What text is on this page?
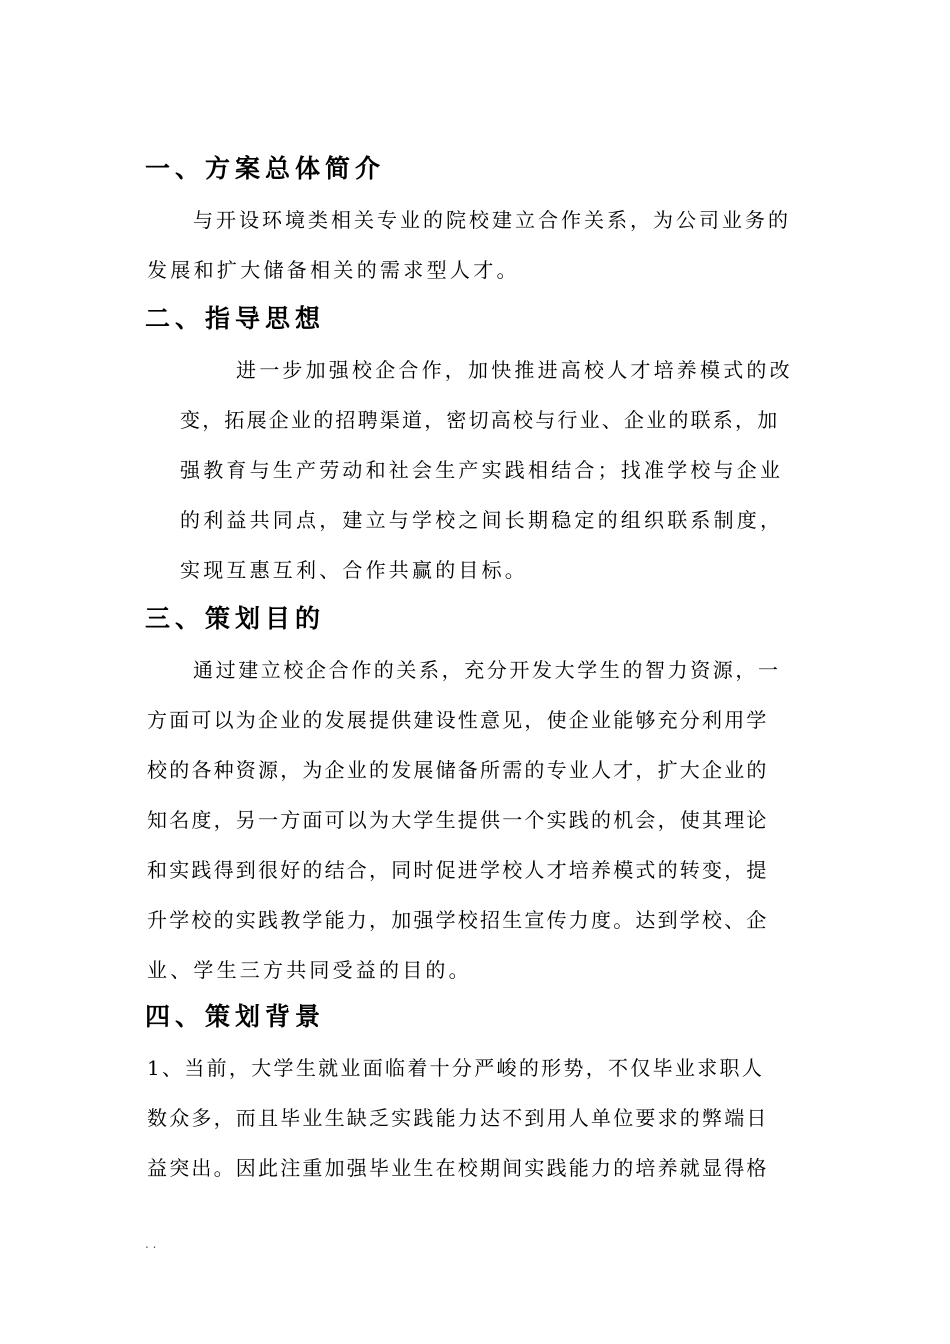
一、方案总体简介
与开设环境类相关专业的院校建立合作关系，为公司业务的
发展和扩大储备相关的需求型人才。
二、指导思想
进一步加强校企合作，加快推进高校人才培养模式的改
变，拓展企业的招聘渠道，密切高校与行业、企业的联系，加
强教育与生产劳动和社会生产实践相结合；找准学校与企业
的利益共同点，建立与学校之间长期稳定的组织联系制度，
实现互惠互利、合作共赢的目标。
三、策划目的
通过建立校企合作的关系，充分开发大学生的智力资源，一
方面可以为企业的发展提供建设性意见，使企业能够充分利用学
校的各种资源，为企业的发展储备所需的专业人才，扩大企业的
知名度，另一方面可以为大学生提供一个实践的机会，使其理论
和实践得到很好的结合，同时促进学校人才培养模式的转变，提
升学校的实践教学能力，加强学校招生宣传力度。达到学校、企
业、学生三方共同受益的目的。
四、策划背景
1、当前，大学生就业面临着十分严峻的形势，不仅毕业求职人
数众多，而且毕业生缺乏实践能力达不到用人单位要求的弊端日
益突出。因此注重加强毕业生在校期间实践能力的培养就显得格
. .
